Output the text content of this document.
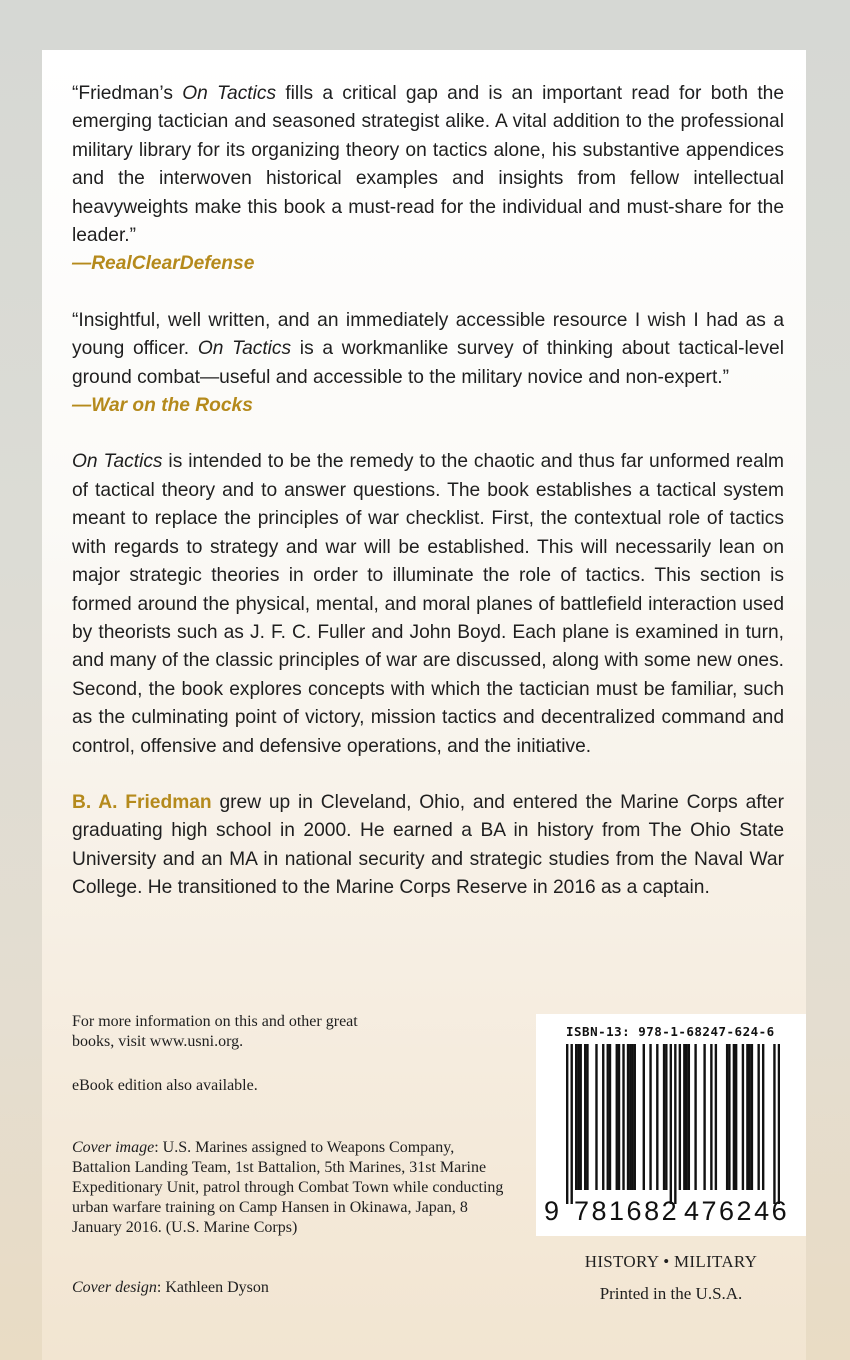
“Friedman’s On Tactics fills a critical gap and is an important read for both the emerging tactician and seasoned strategist alike. A vital addition to the professional military library for its organizing theory on tactics alone, his substantive appendices and the interwoven historical examples and insights from fellow intellectual heavyweights make this book a must-read for the individual and must-share for the leader.”

—RealClearDefense

“Insightful, well written, and an immediately accessible resource I wish I had as a young officer. On Tactics is a workmanlike survey of thinking about tactical-level ground combat—useful and accessible to the military novice and non-expert.”

—War on the Rocks

On Tactics is intended to be the remedy to the chaotic and thus far unformed realm of tactical theory and to answer questions. The book establishes a tactical system meant to replace the principles of war checklist. First, the contextual role of tactics with regards to strategy and war will be established. This will necessarily lean on major strategic theories in order to illuminate the role of tactics. This section is formed around the physical, mental, and moral planes of battlefield interaction used by theorists such as J. F. C. Fuller and John Boyd. Each plane is examined in turn, and many of the classic principles of war are discussed, along with some new ones. Second, the book explores concepts with which the tactician must be familiar, such as the culminating point of victory, mission tactics and decentralized command and control, offensive and defensive operations, and the initiative.

B. A. Friedman grew up in Cleveland, Ohio, and entered the Marine Corps after graduating high school in 2000. He earned a BA in history from The Ohio State University and an MA in national security and strategic studies from the Naval War College. He transitioned to the Marine Corps Reserve in 2016 as a captain.

For more information on this and other great books, visit www.usni.org.
eBook edition also available.
Cover image: U.S. Marines assigned to Weapons Company, Battalion Landing Team, 1st Battalion, 5th Marines, 31st Marine Expeditionary Unit, patrol through Combat Town while conducting urban warfare training on Camp Hansen in Okinawa, Japan, 8 January 2016. (U.S. Marine Corps)
Cover design: Kathleen Dyson
ISBN-13: 978-1-68247-624-6
9 781682 476246
HISTORY • MILITARY
Printed in the U.S.A.
